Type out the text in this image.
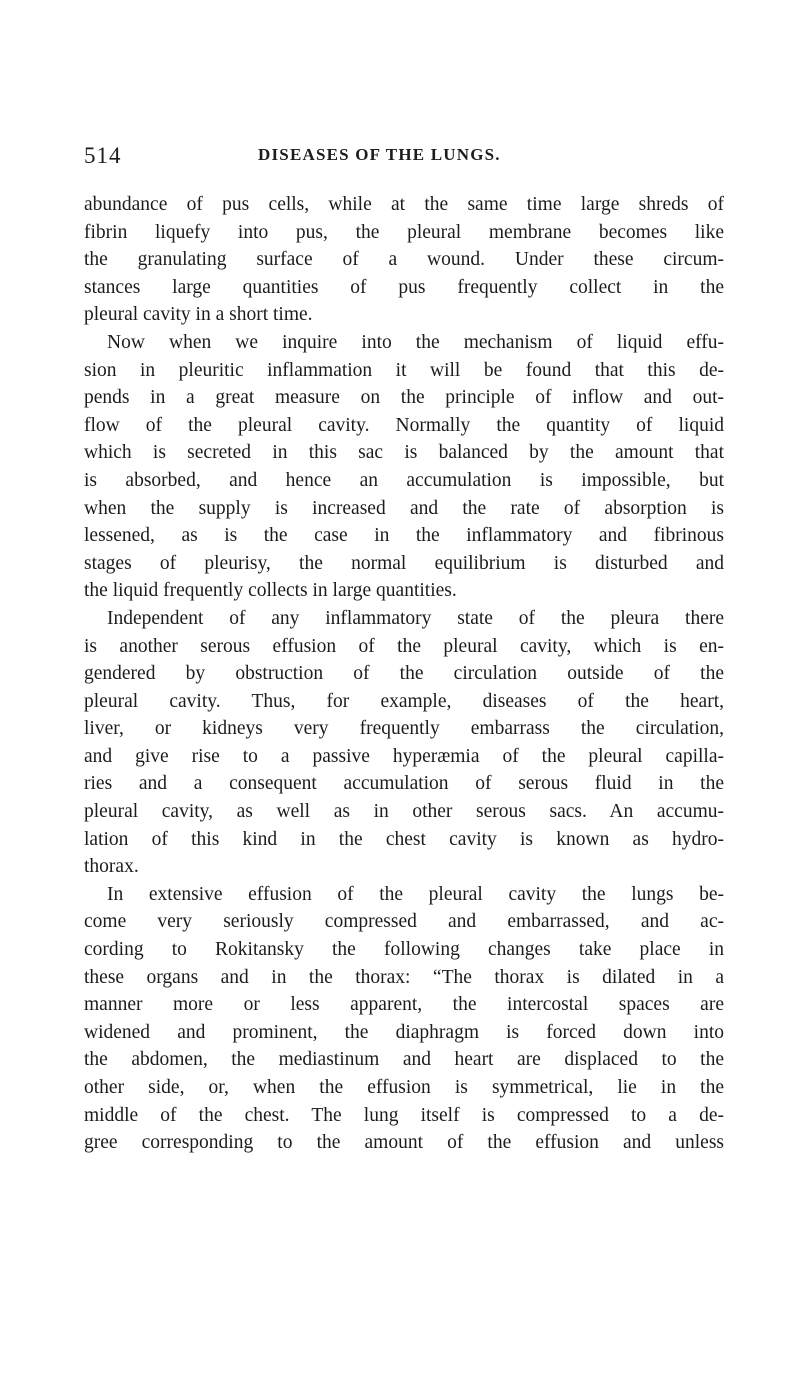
514	DISEASES OF THE LUNGS.
abundance of pus cells, while at the same time large shreds of
fibrin liquefy into pus, the pleural membrane becomes like
the granulating surface of a wound. Under these circum-
stances large quantities of pus frequently collect in the
pleural cavity in a short time.
Now when we inquire into the mechanism of liquid effu-
sion in pleuritic inflammation it will be found that this de-
pends in a great measure on the principle of inflow and out-
flow of the pleural cavity. Normally the quantity of liquid
which is secreted in this sac is balanced by the amount that
is absorbed, and hence an accumulation is impossible, but
when the supply is increased and the rate of absorption is
lessened, as is the case in the inflammatory and fibrinous
stages of pleurisy, the normal equilibrium is disturbed and
the liquid frequently collects in large quantities.
Independent of any inflammatory state of the pleura there
is another serous effusion of the pleural cavity, which is en-
gendered by obstruction of the circulation outside of the
pleural cavity. Thus, for example, diseases of the heart,
liver, or kidneys very frequently embarrass the circulation,
and give rise to a passive hyperæmia of the pleural capilla-
ries and a consequent accumulation of serous fluid in the
pleural cavity, as well as in other serous sacs. An accumu-
lation of this kind in the chest cavity is known as hydro-
thorax.
In extensive effusion of the pleural cavity the lungs be-
come very seriously compressed and embarrassed, and ac-
cording to Rokitansky the following changes take place in
these organs and in the thorax: “The thorax is dilated in a
manner more or less apparent, the intercostal spaces are
widened and prominent, the diaphragm is forced down into
the abdomen, the mediastinum and heart are displaced to the
other side, or, when the effusion is symmetrical, lie in the
middle of the chest. The lung itself is compressed to a de-
gree corresponding to the amount of the effusion and unless
